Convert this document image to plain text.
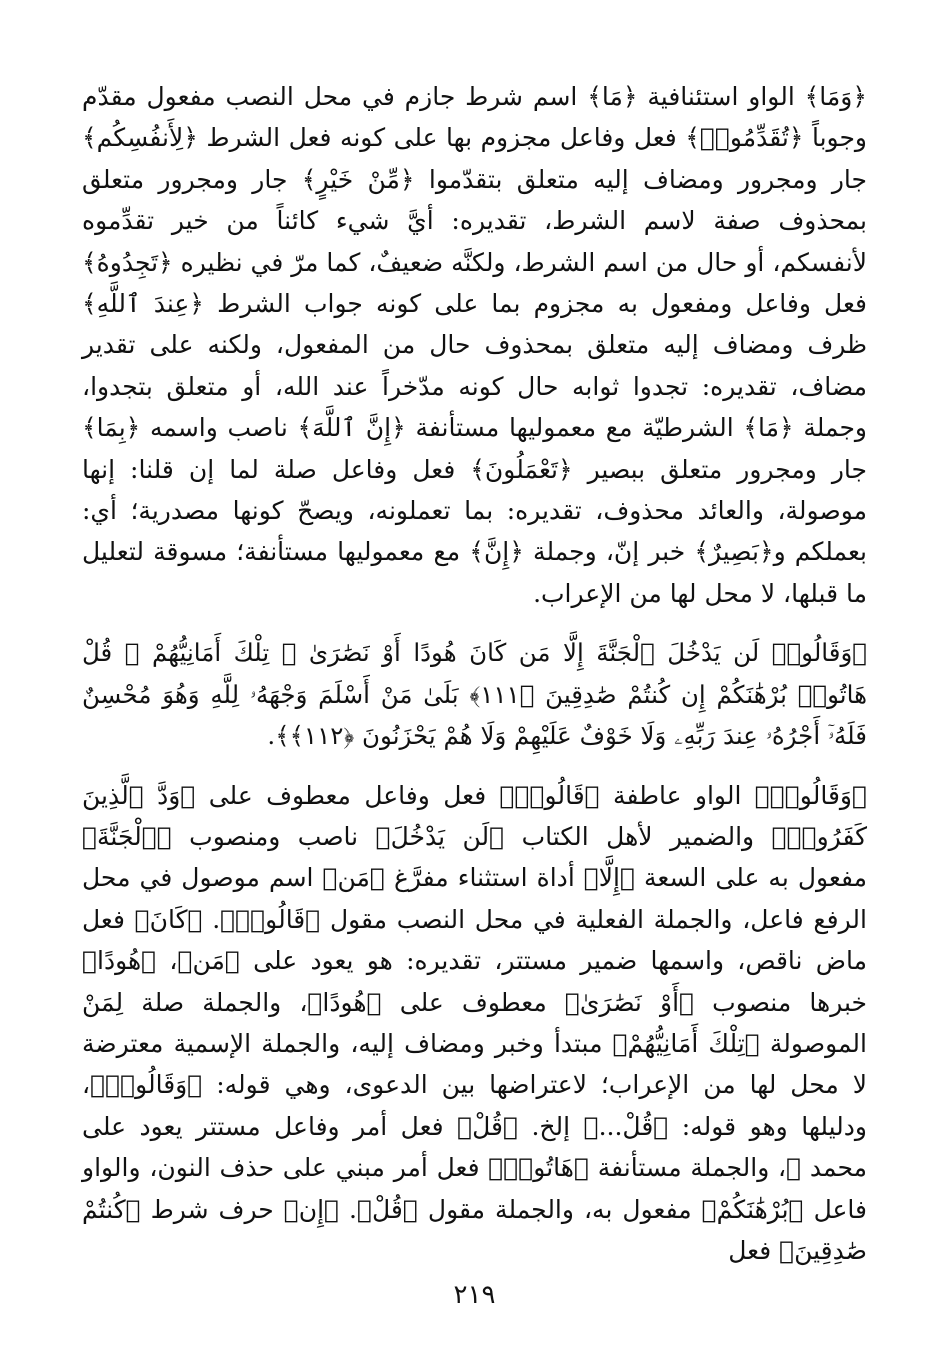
﴿وَمَا﴾ الواو استئنافية ﴿مَا﴾ اسم شرط جازم في محل النصب مفعول مقدّم وجوباً ﴿تُقَدِّمُوا۟﴾ فعل وفاعل مجزوم بها على كونه فعل الشرط ﴿لِأَنفُسِكُم﴾ جار ومجرور ومضاف إليه متعلق بتقدّموا ﴿مِّنْ خَيْرٍ﴾ جار ومجرور متعلق بمحذوف صفة لاسم الشرط، تقديره: أيَّ شيء كائناً من خير تقدِّموه لأنفسكم، أو حال من اسم الشرط، ولكنَّه ضعيفٌ، كما مرّ في نظيره ﴿تَجِدُوهُ﴾ فعل وفاعل ومفعول به مجزوم بما على كونه جواب الشرط ﴿عِندَ ٱللَّهِ﴾ ظرف ومضاف إليه متعلق بمحذوف حال من المفعول، ولكنه على تقدير مضاف، تقديره: تجدوا ثوابه حال كونه مدّخراً عند الله، أو متعلق بتجدوا، وجملة ﴿مَا﴾ الشرطيّة مع معموليها مستأنفة ﴿إِنَّ ٱللَّهَ﴾ ناصب واسمه ﴿بِمَا﴾ جار ومجرور متعلق ببصير ﴿تَعْمَلُونَ﴾ فعل وفاعل صلة لما إن قلنا: إنها موصولة، والعائد محذوف، تقديره: بما تعملونه، ويصحّ كونها مصدرية؛ أي: بعملكم و﴿بَصِيرٌ﴾ خبر إنّ، وجملة ﴿إِنَّ﴾ مع معموليها مستأنفة؛ مسوقة لتعليل ما قبلها، لا محل لها من الإعراب.

﴿وَقَالُوا۟ لَن يَدْخُلَ ٱلْجَنَّةَ إِلَّا مَن كَانَ هُودًا أَوْ نَصَٰرَىٰ ۗ تِلْكَ أَمَانِيُّهُمْ ۗ قُلْ هَاتُوا۟ بُرْهَٰنَكُمْ إِن كُنتُمْ صَٰدِقِينَ ﴿١١١﴾ بَلَىٰ مَنْ أَسْلَمَ وَجْهَهُۥ لِلَّهِ وَهُوَ مُحْسِنٌ فَلَهُۥٓ أَجْرُهُۥ عِندَ رَبِّهِۦ وَلَا خَوْفٌ عَلَيْهِمْ وَلَا هُمْ يَحْزَنُونَ ﴿١١٢﴾﴾.

﴿وَقَالُوا۟﴾ الواو عاطفة ﴿قَالُوا۟﴾ فعل وفاعل معطوف على ﴿وَدَّ ٱلَّذِينَ كَفَرُوا۟﴾ والضمير لأهل الكتاب ﴿لَن يَدْخُلَ﴾ ناصب ومنصوب ﴿ٱلْجَنَّةَ﴾ مفعول به على السعة ﴿إِلَّا﴾ أداة استثناء مفرَّغ ﴿مَن﴾ اسم موصول في محل الرفع فاعل، والجملة الفعلية في محل النصب مقول ﴿قَالُوا۟﴾. ﴿كَانَ﴾ فعل ماض ناقص، واسمها ضمير مستتر، تقديره: هو يعود على ﴿مَن﴾، ﴿هُودًا﴾ خبرها منصوب ﴿أَوْ نَصَٰرَىٰ﴾ معطوف على ﴿هُودًا﴾، والجملة صلة لِمَنْ الموصولة ﴿تِلْكَ أَمَانِيُّهُمْ﴾ مبتدأ وخبر ومضاف إليه، والجملة الإسمية معترضة لا محل لها من الإعراب؛ لاعتراضها بين الدعوى، وهي قوله: ﴿وَقَالُوا۟﴾، ودليلها وهو قوله: ﴿قُلْ...﴾ إلخ. ﴿قُلْ﴾ فعل أمر وفاعل مستتر يعود على محمد ﷺ، والجملة مستأنفة ﴿هَاتُوا۟﴾ فعل أمر مبني على حذف النون، والواو فاعل ﴿بُرْهَٰنَكُمْ﴾ مفعول به، والجملة مقول ﴿قُلْ﴾. ﴿إِن﴾ حرف شرط ﴿كُنتُمْ صَٰدِقِينَ﴾ فعل

٢١٩
